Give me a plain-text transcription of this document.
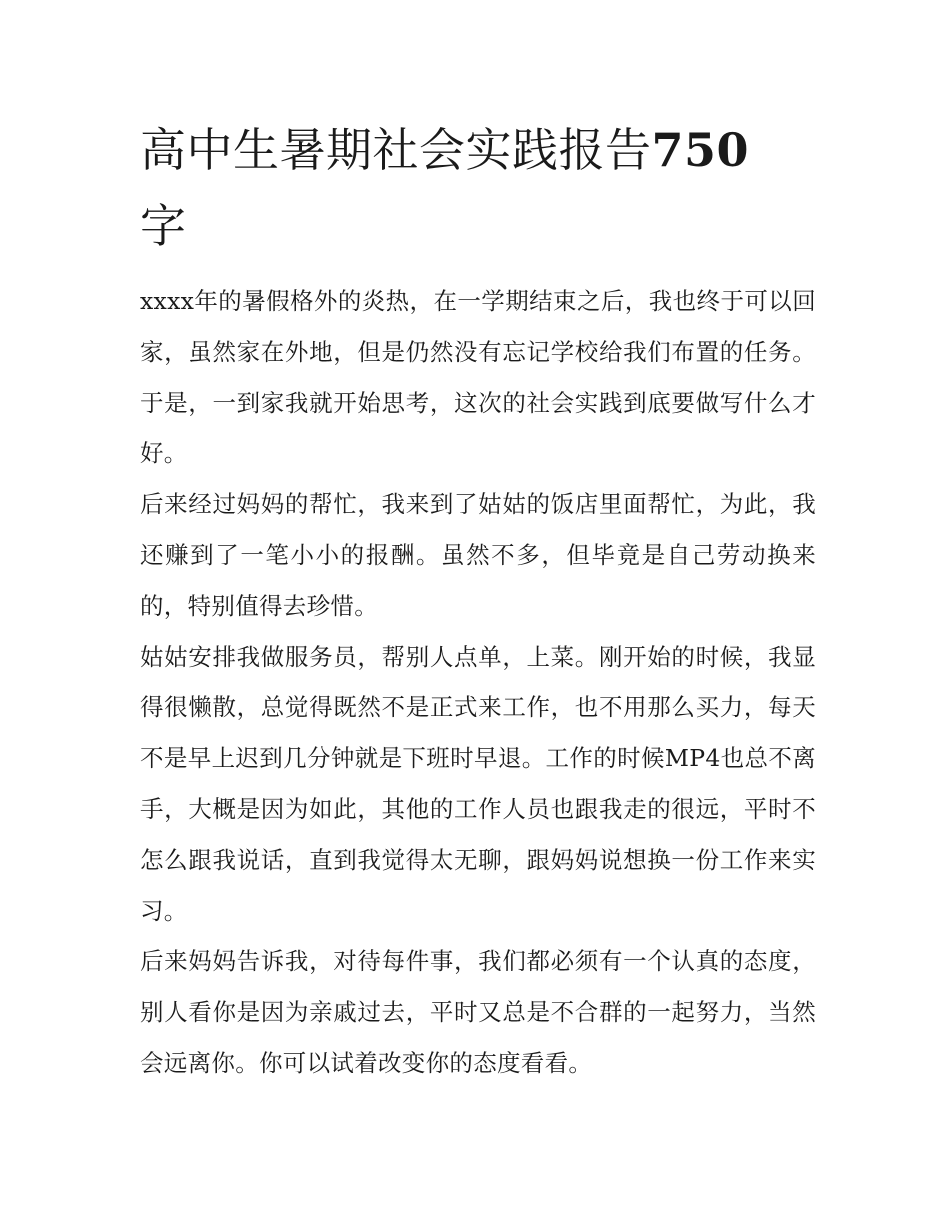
高中生暑期社会实践报告750
字

xxxx年的暑假格外的炎热，在一学期结束之后，我也终于可以回家，虽然家在外地，但是仍然没有忘记学校给我们布置的任务。于是，一到家我就开始思考，这次的社会实践到底要做写什么才好。

后来经过妈妈的帮忙，我来到了姑姑的饭店里面帮忙，为此，我还赚到了一笔小小的报酬。虽然不多，但毕竟是自己劳动换来的，特别值得去珍惜。

姑姑安排我做服务员，帮别人点单，上菜。刚开始的时候，我显得很懒散，总觉得既然不是正式来工作，也不用那么买力，每天不是早上迟到几分钟就是下班时早退。工作的时候MP4也总不离手，大概是因为如此，其他的工作人员也跟我走的很远，平时不怎么跟我说话，直到我觉得太无聊，跟妈妈说想换一份工作来实习。

后来妈妈告诉我，对待每件事，我们都必须有一个认真的态度，别人看你是因为亲戚过去，平时又总是不合群的一起努力，当然会远离你。你可以试着改变你的态度看看。
